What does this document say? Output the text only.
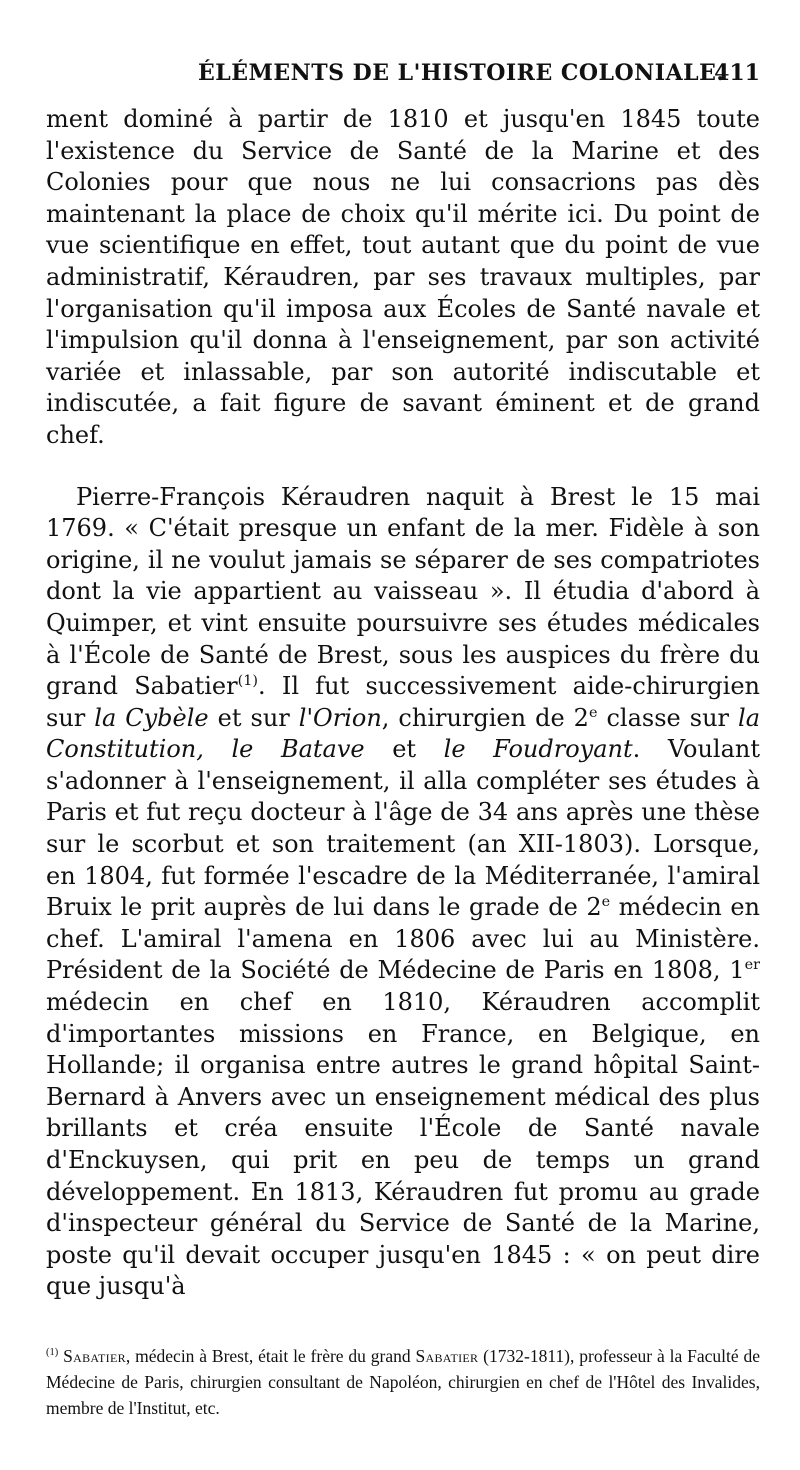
ÉLÉMENTS DE L'HISTOIRE COLONIALE.
411

ment dominé à partir de 1810 et jusqu'en 1845 toute l'existence du Service de Santé de la Marine et des Colonies pour que nous ne lui consacrions pas dès maintenant la place de choix qu'il mérite ici. Du point de vue scientifique en effet, tout autant que du point de vue administratif, Kéraudren, par ses travaux multiples, par l'organisation qu'il imposa aux Écoles de Santé navale et l'impulsion qu'il donna à l'enseignement, par son activité variée et inlassable, par son autorité indiscutable et indiscutée, a fait figure de savant éminent et de grand chef.

Pierre-François Kéraudren naquit à Brest le 15 mai 1769. « C'était presque un enfant de la mer. Fidèle à son origine, il ne voulut jamais se séparer de ses compatriotes dont la vie appartient au vaisseau ». Il étudia d'abord à Quimper, et vint ensuite poursuivre ses études médicales à l'École de Santé de Brest, sous les auspices du frère du grand Sabatier$^{(1)}$. Il fut successivement aide-chirurgien sur la Cybèle et sur l'Orion, chirurgien de 2e classe sur la Constitution, le Batave et le Foudroyant. Voulant s'adonner à l'enseignement, il alla compléter ses études à Paris et fut reçu docteur à l'âge de 34 ans après une thèse sur le scorbut et son traitement (an XII-1803). Lorsque, en 1804, fut formée l'escadre de la Méditerranée, l'amiral Bruix le prit auprès de lui dans le grade de 2e médecin en chef. L'amiral l'amena en 1806 avec lui au Ministère. Président de la Société de Médecine de Paris en 1808, 1er médecin en chef en 1810, Kéraudren accomplit d'importantes missions en France, en Belgique, en Hollande; il organisa entre autres le grand hôpital Saint-Bernard à Anvers avec un enseignement médical des plus brillants et créa ensuite l'École de Santé navale d'Enckuysen, qui prit en peu de temps un grand développement. En 1813, Kéraudren fut promu au grade d'inspecteur général du Service de Santé de la Marine, poste qu'il devait occuper jusqu'en 1845 : « on peut dire que jusqu'à

$^{(1)}$ Sabatier, médecin à Brest, était le frère du grand Sabatier (1732-1811), professeur à la Faculté de Médecine de Paris, chirurgien consultant de Napoléon, chirurgien en chef de l'Hôtel des Invalides, membre de l'Institut, etc.
